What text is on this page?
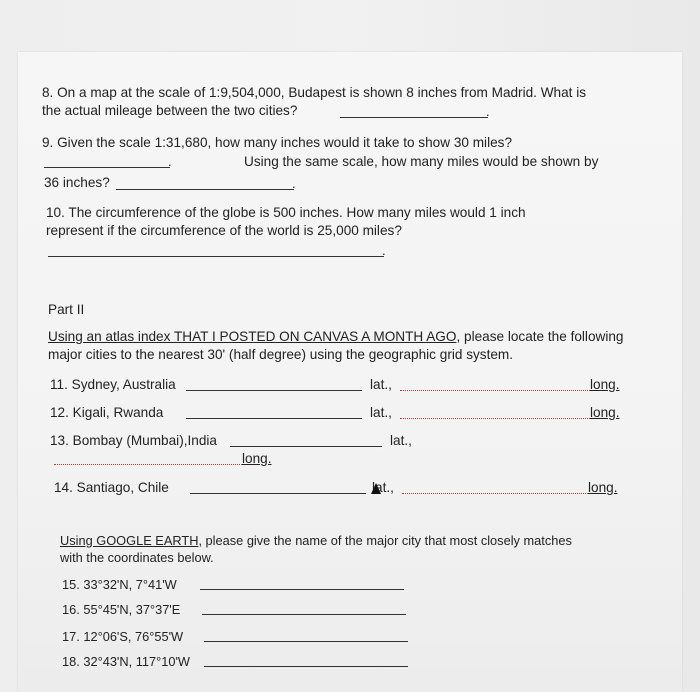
8. On a map at the scale of 1:9,504,000, Budapest is shown 8 inches from Madrid. What is
the actual mileage between the two cities?	.
9. Given the scale 1:31,680, how many inches would it take to show 30 miles?
.	Using the same scale, how many miles would be shown by
36 inches?	.
10. The circumference of the globe is 500 inches. How many miles would 1 inch
represent if the circumference of the world is 25,000 miles?
.
Part II
Using an atlas index THAT I POSTED ON CANVAS A MONTH AGO, please locate the following
major cities to the nearest 30' (half degree) using the geographic grid system.
11. Sydney, Australia	lat.,	long.
12. Kigali, Rwanda	lat.,	long.
13. Bombay (Mumbai),India	lat.,
long.
14. Santiago, Chile	lat.,	long.
Using GOOGLE EARTH, please give the name of the major city that most closely matches
with the coordinates below.
15. 33°32'N, 7°41'W
16. 55°45'N, 37°37'E
17. 12°06'S, 76°55'W
18. 32°43'N, 117°10'W
